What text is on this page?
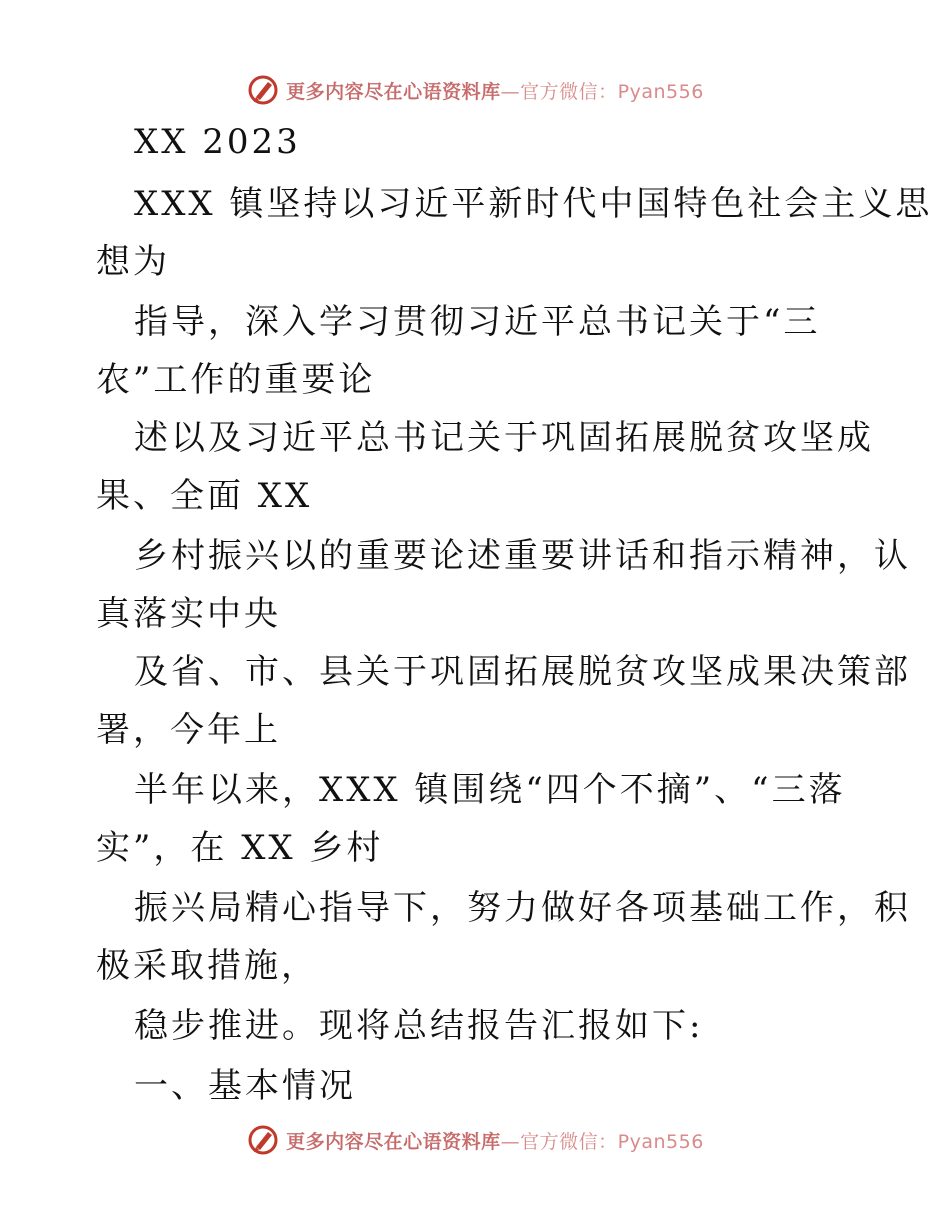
更多内容尽在心语资料库—官方微信：Pyan556
XX 2023
XXX 镇坚持以习近平新时代中国特色社会主义思
想为
指导，深入学习贯彻习近平总书记关于“三
农”工作的重要论
述以及习近平总书记关于巩固拓展脱贫攻坚成
果、全面 XX
乡村振兴以的重要论述重要讲话和指示精神，认
真落实中央
及省、市、县关于巩固拓展脱贫攻坚成果决策部
署，今年上
半年以来，XXX 镇围绕“四个不摘”、“三落
实”，在 XX 乡村
振兴局精心指导下，努力做好各项基础工作，积
极采取措施，
稳步推进。现将总结报告汇报如下:
一、基本情况
更多内容尽在心语资料库—官方微信：Pyan556
